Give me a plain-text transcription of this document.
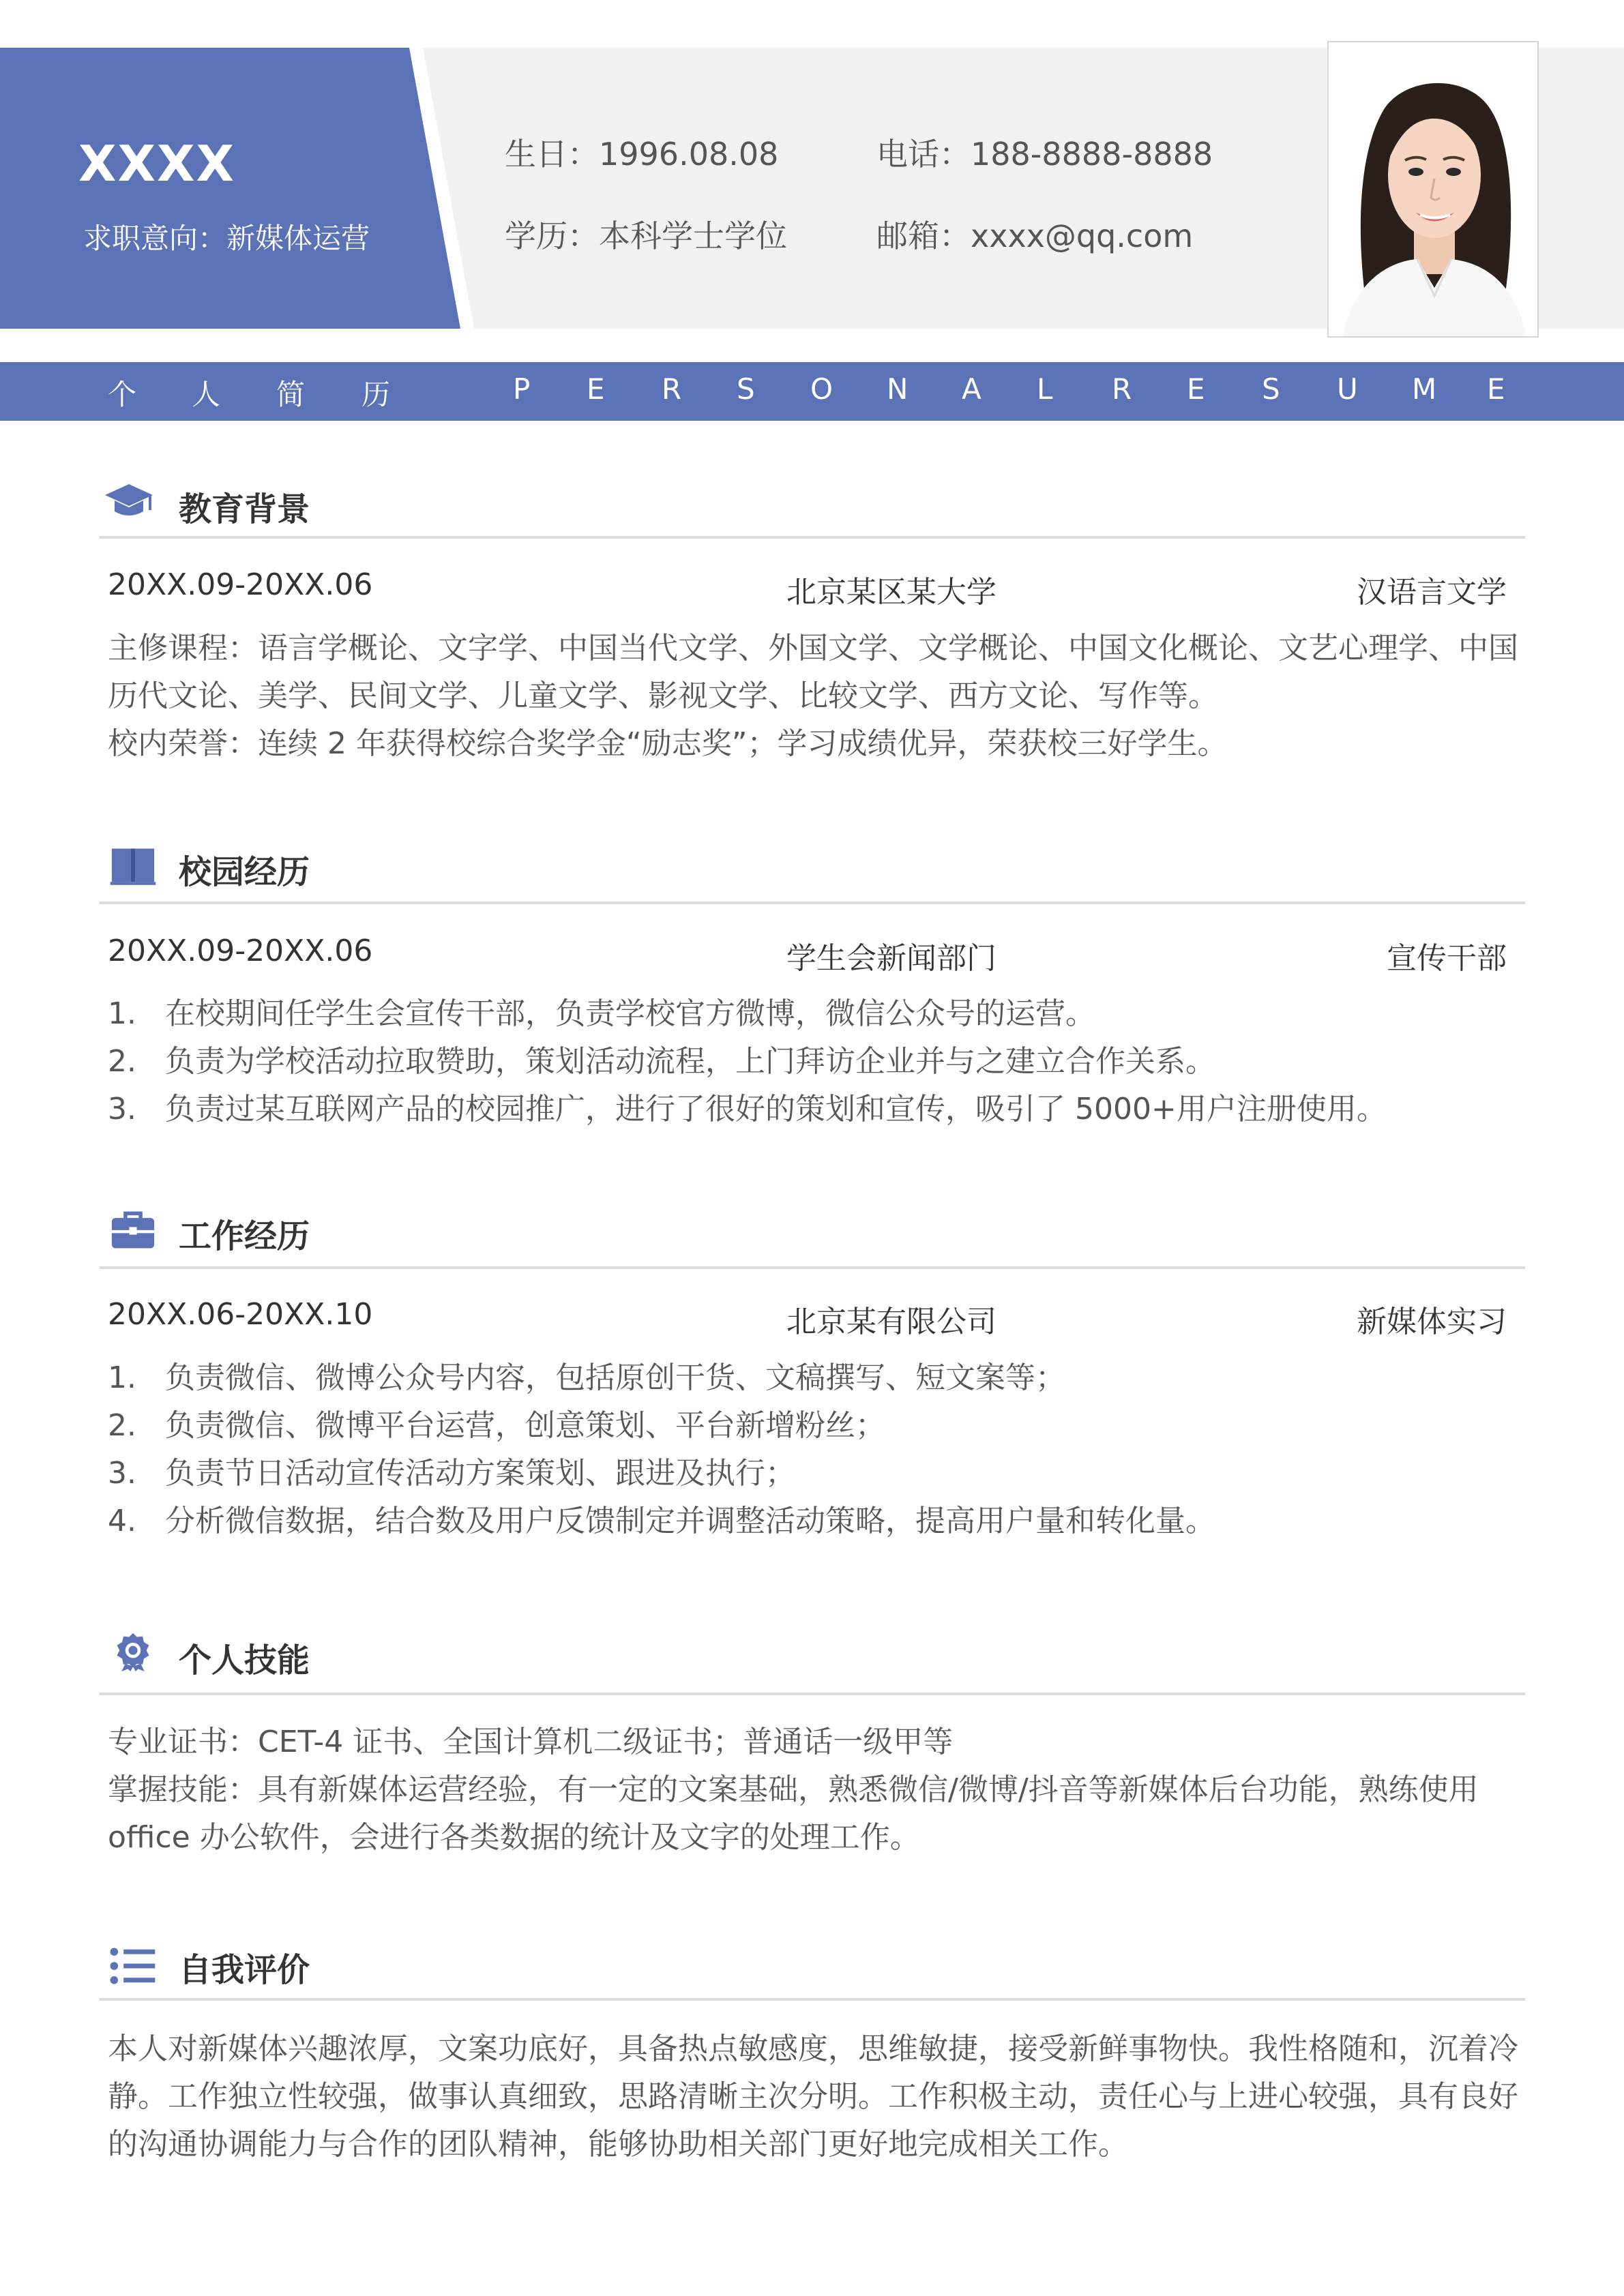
XXXX
求职意向：新媒体运营
生日：1996.08.08	电话：188-8888-8888
学历：本科学士学位	邮箱：xxxx@qq.com
个 人 简 历	P E R S O N A L R E S U M E
教育背景
20XX.09-20XX.06	北京某区某大学	汉语言文学
主修课程：语言学概论、文字学、中国当代文学、外国文学、文学概论、中国文化概论、文艺心理学、中国历代文论、美学、民间文学、儿童文学、影视文学、比较文学、西方文论、写作等。
校内荣誉：连续 2 年获得校综合奖学金“励志奖”；学习成绩优异，荣获校三好学生。
校园经历
20XX.09-20XX.06	学生会新闻部门	宣传干部
1. 在校期间任学生会宣传干部，负责学校官方微博，微信公众号的运营。
2. 负责为学校活动拉取赞助，策划活动流程，上门拜访企业并与之建立合作关系。
3. 负责过某互联网产品的校园推广，进行了很好的策划和宣传，吸引了 5000+用户注册使用。
工作经历
20XX.06-20XX.10	北京某有限公司	新媒体实习
1. 负责微信、微博公众号内容，包括原创干货、文稿撰写、短文案等；
2. 负责微信、微博平台运营，创意策划、平台新增粉丝；
3. 负责节日活动宣传活动方案策划、跟进及执行；
4. 分析微信数据，结合数及用户反馈制定并调整活动策略，提高用户量和转化量。
个人技能
专业证书：CET-4 证书、全国计算机二级证书；普通话一级甲等
掌握技能：具有新媒体运营经验，有一定的文案基础，熟悉微信/微博/抖音等新媒体后台功能，熟练使用 office 办公软件，会进行各类数据的统计及文字的处理工作。
自我评价
本人对新媒体兴趣浓厚，文案功底好，具备热点敏感度，思维敏捷，接受新鲜事物快。我性格随和，沉着冷静。工作独立性较强，做事认真细致，思路清晰主次分明。工作积极主动，责任心与上进心较强，具有良好的沟通协调能力与合作的团队精神，能够协助相关部门更好地完成相关工作。
